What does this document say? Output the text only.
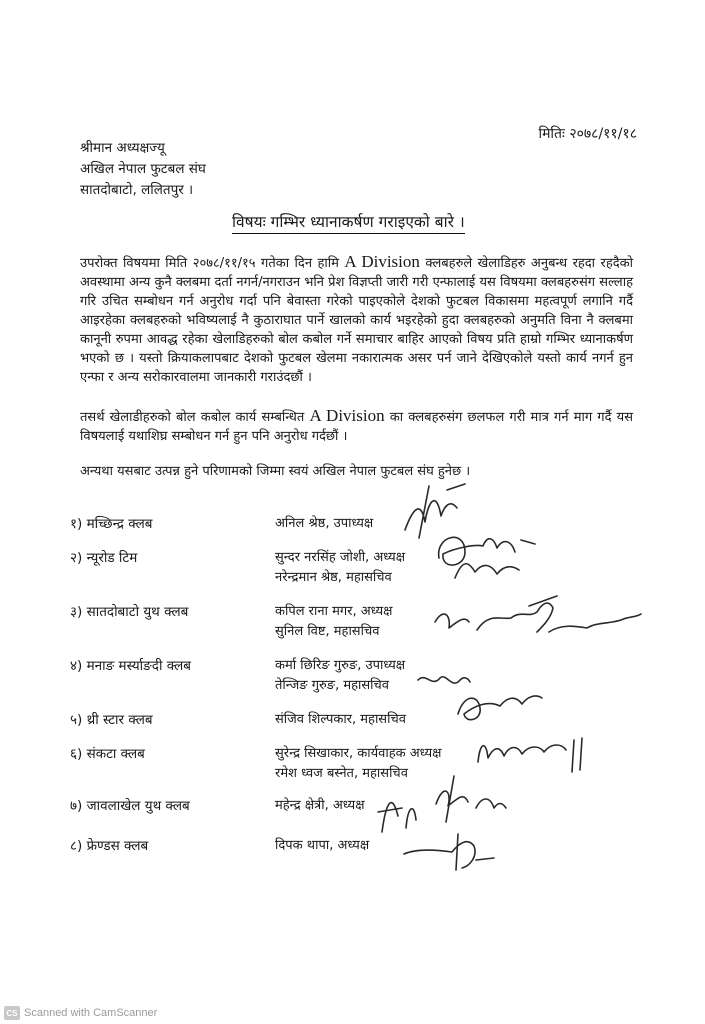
मितिः २०७८/११/१८
श्रीमान अध्यक्षज्यू
अखिल नेपाल फुटबल संघ
सातदोबाटो, ललितपुर ।
विषयः गम्भिर ध्यानाकर्षण गराइएको बारे ।
उपरोक्त विषयमा मिति २०७८/११/१५ गतेका दिन हामि A Division क्लबहरुले खेलाडिहरु अनुबन्ध रहदा रहदैको अवस्थामा अन्य कुनै क्लबमा दर्ता नगर्न/नगराउन भनि प्रेश विज्ञप्ती जारी गरी एन्फालाई यस विषयमा क्लबहरुसंग सल्लाह गरि उचित सम्बोधन गर्न अनुरोध गर्दा पनि बेवास्ता गरेको पाइएकोले देशको फुटबल विकासमा महत्वपूर्ण लगानि गर्दै आइरहेका क्लबहरुको भविष्यलाई नै कुठाराघात पार्ने खालको कार्य भइरहेको हुदा क्लबहरुको अनुमति विना नै क्लबमा कानूनी रुपमा आवद्ध रहेका खेलाडिहरुको बोल कबोल गर्ने समाचार बाहिर आएको विषय प्रति हाम्रो गम्भिर ध्यानाकर्षण भएको छ । यस्तो क्रियाकलापबाट देशको फुटबल खेलमा नकारात्मक असर पर्न जाने देखिएकोले यस्तो कार्य नगर्न हुन एन्फा र अन्य सरोकारवालमा जानकारी गराउंदछौं ।
तसर्थ खेलाडीहरुको बोल कबोल कार्य सम्बन्धित A Division का क्लबहरुसंग छलफल गरी मात्र गर्न माग गर्दै यस विषयलाई यथाशिघ्र सम्बोधन गर्न हुन पनि अनुरोध गर्दछौं ।
अन्यथा यसबाट उत्पन्न हुने परिणामको जिम्मा स्वयं अखिल नेपाल फुटबल संघ हुनेछ ।
१) मच्छिन्द्र क्लब	अनिल श्रेष्ठ, उपाध्यक्ष
२) न्यूरोड टिम	सुन्दर नरसिंह जोशी, अध्यक्ष
नरेन्द्रमान श्रेष्ठ, महासचिव
३) सातदोबाटो युथ क्लब	कपिल राना मगर, अध्यक्ष
सुनिल विष्ट, महासचिव
४) मनाङ मर्स्याङदी क्लब	कर्मा छिरिङ गुरुङ, उपाध्यक्ष
तेन्जिङ गुरुङ, महासचिव
५) थ्री स्टार क्लब	संजिव शिल्पकार, महासचिव
६) संकटा क्लब	सुरेन्द्र सिखाकार, कार्यवाहक अध्यक्ष
रमेश ध्वज बस्नेत, महासचिव
७) जावलाखेल युथ क्लब	महेन्द्र क्षेत्री, अध्यक्ष
८) फ्रेण्डस क्लब	दिपक थापा, अध्यक्ष
CS Scanned with CamScanner
